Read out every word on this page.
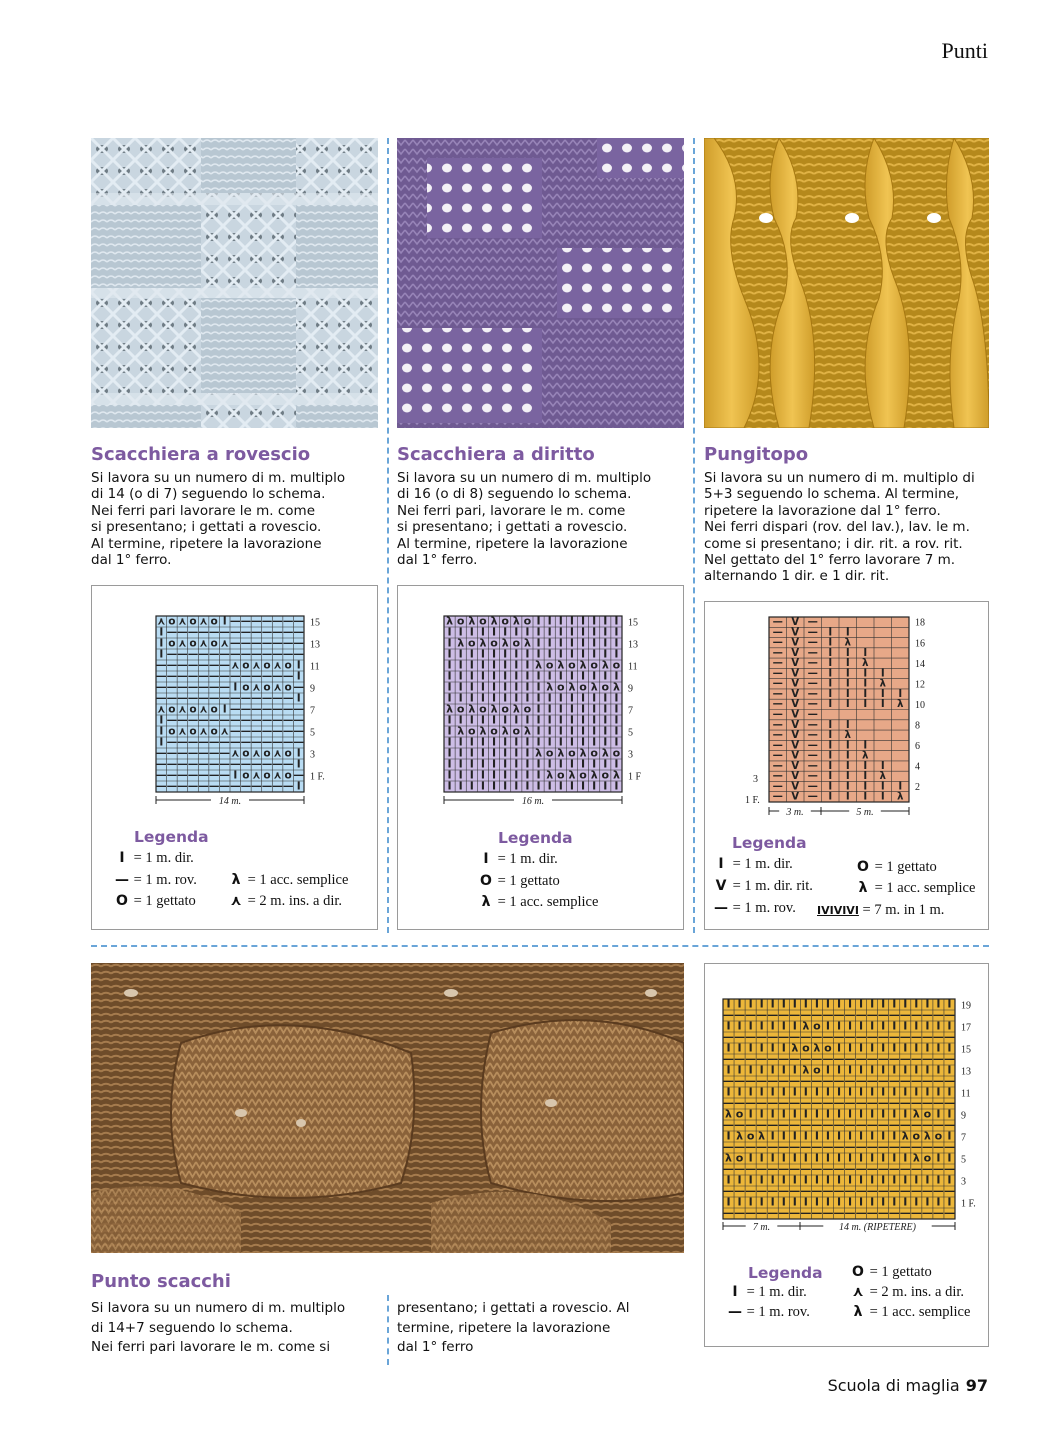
Punti
Scacchiera a rovescio
Si lavora su un numero di m. multiplo
di 14 (o di 7) seguendo lo schema.
Nei ferri pari lavorare le m. come
si presentano; i gettati a rovescio.
Al termine, ripetere la lavorazione
dal 1° ferro.
Scacchiera a diritto
Si lavora su un numero di m. multiplo
di 16 (o di 8) seguendo lo schema.
Nei ferri pari, lavorare le m. come
si presentano; i gettati a rovescio.
Al termine, ripetere la lavorazione
dal 1° ferro.
Pungitopo
Si lavora su un numero di m. multiplo di
5+3 seguendo lo schema. Al termine,
ripetere la lavorazione dal 1° ferro.
Nei ferri dispari (rov. del lav.), lav. le m.
come si presentano; i dir. rit. a rov. rit.
Nel gettato del 1° ferro lavorare 7 m.
alternando 1 dir. e 1 dir. rit.
⋏ o ⋏ o ⋏ o I — — — — — — —
I — — — — — — — — — — — — —
I o ⋏ o ⋏ o ⋏ — — — — — — —
I — — — — — — — — — — — — —
— — — — — — — ⋏ o ⋏ o ⋏ o I
— — — — — — — — — — — — — I
— — — — — — — I o ⋏ o ⋏ o —
— — — — — — — — — — — — — I
⋏ o ⋏ o ⋏ o I — — — — — — —
I — — — — — — — — — — — — —
I o ⋏ o ⋏ o ⋏ — — — — — — —
I — — — — — — — — — — — — —
— — — — — — — ⋏ o ⋏ o ⋏ o I
— — — — — — — — — — — — — I
— — — — — — — I o ⋏ o ⋏ o —
— — — — — — — — — — — — — I
15
13
11
9
7
5
3
1 F.
14 m.
Legenda
I = 1 m. dir.
— = 1 m. rov.
O = 1 gettato
λ = 1 acc. semplice
⋏ = 2 m. ins. a dir.
λ o λ o λ o λ o I I I I I I I I
I I I I I I I I I I I I I I I I
I λ o λ o λ o λ I I I I I I I I
I I I I I I I I I I I I I I I I
I I I I I I I I λ o λ o λ o λ o
I I I I I I I I I I I I I I I I
I I I I I I I I I λ o λ o λ o λ
I I I I I I I I I I I I I I I I
λ o λ o λ o λ o I I I I I I I I
I I I I I I I I I I I I I I I I
I λ o λ o λ o λ I I I I I I I I
I I I I I I I I I I I I I I I I
I I I I I I I I λ o λ o λ o λ o
I I I I I I I I I I I I I I I I
I I I I I I I I I λ o λ o λ o λ
I I I I I I I I I I I I I I I I
15
13
11
9
7
5
3
1 F
16 m.
Legenda
I = 1 m. dir.
O = 1 gettato
λ = 1 acc. semplice
— V —
— V — I I
— V — I λ
— V — I I I
— V — I I λ
— V — I I I I
— V — I I I λ
— V — I I I I I
— V — I I I I λ
— V —
— V — I I
— V — I λ
— V — I I I
— V — I I λ
— V — I I I I
— V — I I I λ
— V — I I I I I
— V — I I I I λ
18
16
14
12
10
8
6
4
2
3
1 F.
3 m.	5 m.
Legenda
I = 1 m. dir.
V = 1 m. dir. rit.
— = 1 m. rov.
O = 1 gettato
λ = 1 acc. semplice
IVIVIVI = 7 m. in 1 m.
Punto scacchi
Si lavora su un numero di m. multiplo
di 14+7 seguendo lo schema.
Nei ferri pari lavorare le m. come si
presentano; i gettati a rovescio. Al
termine, ripetere la lavorazione
dal 1° ferro
I I I I I I I I I I I I I I I I I I I I I
— — — — — — — — — — — — — — — — — — — — —
I I I I I I I λ o I I I I I I I I I I I I
— — — — — — — — — — — — — — — — — — — — —
I I I I I I λ o λ o I I I I I I I I I I I
— — — — — — — — — — — — — — — — — — — — —
I I I I I I I λ o I I I I I I I I I I I I
— — — — — — — — — — — — — — — — — — — — —
I I I I I I I I I I I I I I I I I I I I I
— — — — — — — — — — — — — — — — — — — — —
λ o I I I I I I I I I I I I I I I λ o I I
— — — — — — — — — — — — — — — — — — — — —
I λ o λ I I I I I I I I I I I I λ o λ o I
— — — — — — — — — — — — — — — — — — — — —
λ o I I I I I I I I I I I I I I I λ o I I
— — — — — — — — — — — — — — — — — — — — —
I I I I I I I I I I I I I I I I I I I I I
— — — — — — — — — — — — — — — — — — — — —
I I I I I I I I I I I I I I I I I I I I I
— — — — — — — — — — — — — — — — — — — — —
19
17
15
13
11
9
7
5
3
1 F.
7 m.	14 m. (RIPETERE)
Legenda
I = 1 m. dir.
— = 1 m. rov.
O = 1 gettato
⋏ = 2 m. ins. a dir.
λ = 1 acc. semplice
Scuola di maglia 97
